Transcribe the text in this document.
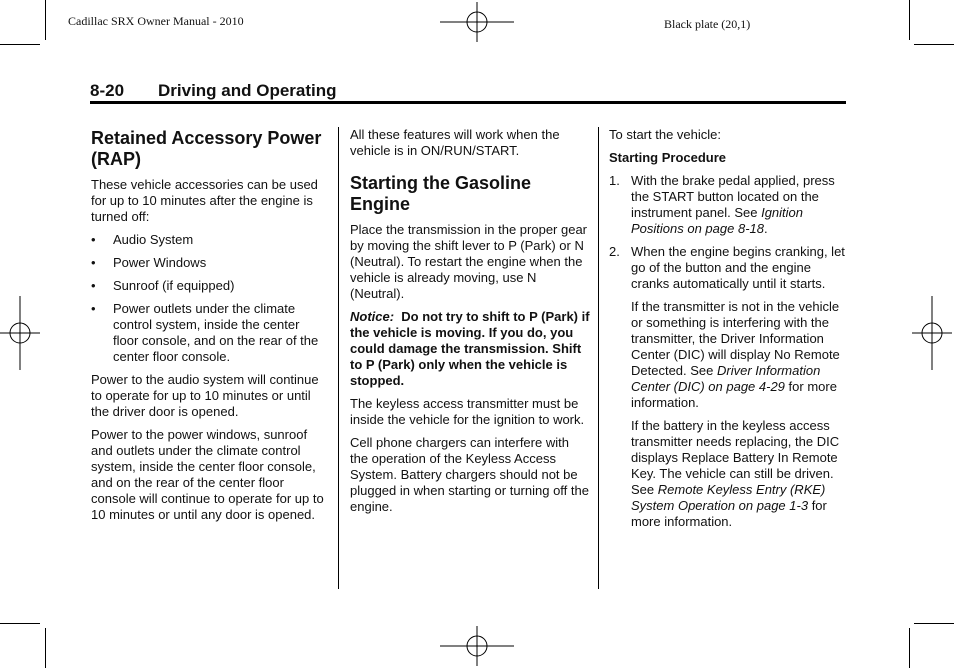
Cadillac SRX Owner Manual - 2010	Black plate (20,1)
8-20 Driving and Operating
Retained Accessory Power (RAP)

These vehicle accessories can be used for up to 10 minutes after the engine is turned off:

• Audio System
• Power Windows
• Sunroof (if equipped)
• Power outlets under the climate control system, inside the center floor console, and on the rear of the center floor console.

Power to the audio system will continue to operate for up to 10 minutes or until the driver door is opened.

Power to the power windows, sunroof and outlets under the climate control system, inside the center floor console, and on the rear of the center floor console will continue to operate for up to 10 minutes or until any door is opened.

All these features will work when the vehicle is in ON/RUN/START.

Starting the Gasoline Engine

Place the transmission in the proper gear by moving the shift lever to P (Park) or N (Neutral). To restart the engine when the vehicle is already moving, use N (Neutral).

Notice: Do not try to shift to P (Park) if the vehicle is moving. If you do, you could damage the transmission. Shift to P (Park) only when the vehicle is stopped.

The keyless access transmitter must be inside the vehicle for the ignition to work.

Cell phone chargers can interfere with the operation of the Keyless Access System. Battery chargers should not be plugged in when starting or turning off the engine.

To start the vehicle:

Starting Procedure
1. With the brake pedal applied, press the START button located on the instrument panel. See Ignition Positions on page 8‑18.
2. When the engine begins cranking, let go of the button and the engine cranks automatically until it starts.

If the transmitter is not in the vehicle or something is interfering with the transmitter, the Driver Information Center (DIC) will display No Remote Detected. See Driver Information Center (DIC) on page 4‑29 for more information.

If the battery in the keyless access transmitter needs replacing, the DIC displays Replace Battery In Remote Key. The vehicle can still be driven. See Remote Keyless Entry (RKE) System Operation on page 1‑3 for more information.
